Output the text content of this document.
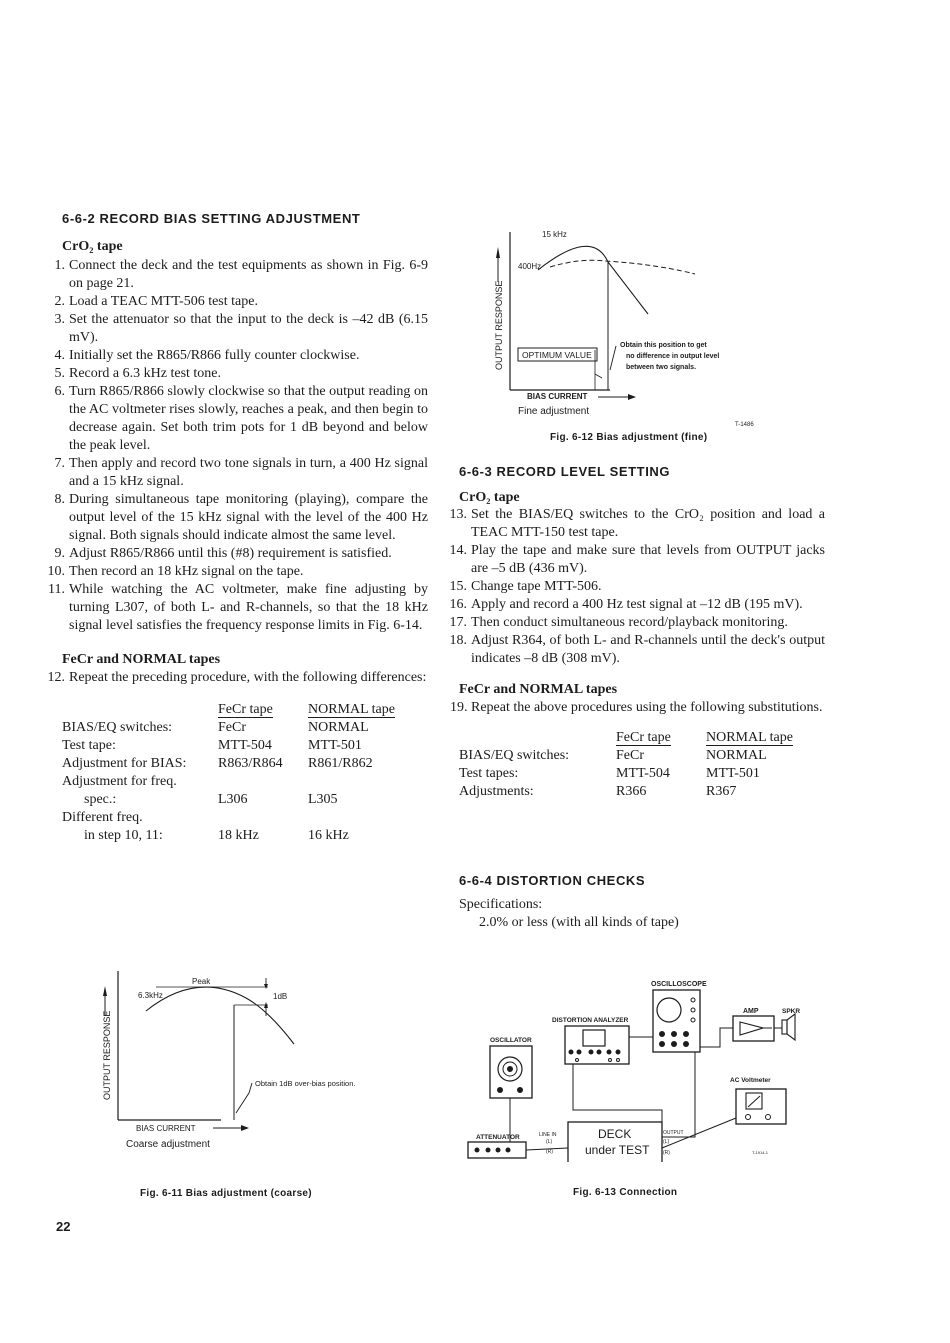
6-6-2 RECORD BIAS SETTING ADJUSTMENT
CrO₂ tape
1. Connect the deck and the test equipments as shown in Fig. 6-9 on page 21.
2. Load a TEAC MTT-506 test tape.
3. Set the attenuator so that the input to the deck is –42 dB (6.15 mV).
4. Initially set the R865/R866 fully counter clockwise.
5. Record a 6.3 kHz test tone.
6. Turn R865/R866 slowly clockwise so that the output reading on the AC voltmeter rises slowly, reaches a peak, and then begin to decrease again. Set both trim pots for 1 dB beyond and below the peak level.
7. Then apply and record two tone signals in turn, a 400 Hz signal and a 15 kHz signal.
8. During simultaneous tape monitoring (playing), compare the output level of the 15 kHz signal with the level of the 400 Hz signal. Both signals should indicate almost the same level.
9. Adjust R865/R866 until this (#8) requirement is satisfied.
10. Then record an 18 kHz signal on the tape.
11. While watching the AC voltmeter, make fine adjusting by turning L307, of both L- and R-channels, so that the 18 kHz signal level satisfies the frequency response limits in Fig. 6-14.
FeCr and NORMAL tapes
12. Repeat the preceding procedure, with the following differences:
	FeCr tape	NORMAL tape
BIAS/EQ switches:	FeCr	NORMAL
Test tape:	MTT-504	MTT-501
Adjustment for BIAS:	R863/R864	R861/R862
Adjustment for freq.		
spec.:	L306	L305
Different freq.		
in step 10, 11:	18 kHz	16 kHz
OUTPUT RESPONSE
15 kHz
400Hz
OPTIMUM VALUE
Obtain this position to get
no difference in output level
between two signals.
BIAS CURRENT
Fine adjustment
T-1486
Fig. 6-12 Bias adjustment (fine)
6-6-3 RECORD LEVEL SETTING
CrO₂ tape
13. Set the BIAS/EQ switches to the CrO₂ position and load a TEAC MTT-150 test tape.
14. Play the tape and make sure that levels from OUTPUT jacks are –5 dB (436 mV).
15. Change tape MTT-506.
16. Apply and record a 400 Hz test signal at –12 dB (195 mV).
17. Then conduct simultaneous record/playback monitoring.
18. Adjust R364, of both L- and R-channels until the deck's output indicates –8 dB (308 mV).
FeCr and NORMAL tapes
19. Repeat the above procedures using the following substitutions.
	FeCr tape	NORMAL tape
BIAS/EQ switches:	FeCr	NORMAL
Test tapes:	MTT-504	MTT-501
Adjustments:	R366	R367
6-6-4 DISTORTION CHECKS
Specifications:
2.0% or less (with all kinds of tape)
OUTPUT RESPONSE
Peak
1dB
6.3kHz
Obtain 1dB over-bias position.
BIAS CURRENT
Coarse adjustment
Fig. 6-11 Bias adjustment (coarse)
OSCILLOSCOPE
DISTORTION ANALYZER
OSCILLATOR
AMP	SPKR
AC Voltmeter
ATTENUATOR	DECK
under TEST
LINE IN
(L)
(R)
OUTPUT
(L)
(R)	T-1914-1
Fig. 6-13 Connection
22
